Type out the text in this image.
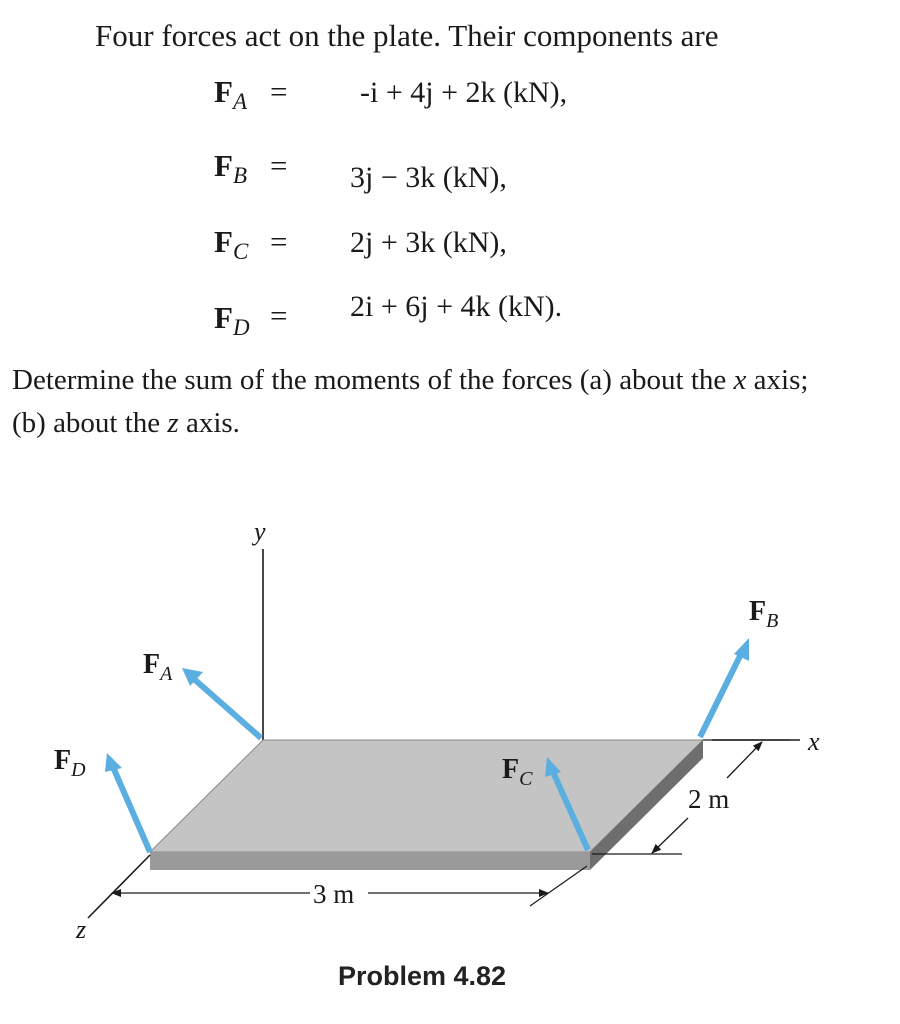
Four forces act on the plate. Their components are
$F_A = -i + 4j + 2k$ (kN),
$F_B = 3j - 3k$ (kN),
$F_C = 2j + 3k$ (kN),
$F_D = 2i + 6j + 4k$ (kN).
Determine the sum of the moments of the forces (a) about the x axis;
(b) about the z axis.
y
x
z
3 m
2 m
$F_A$
$F_B$
$F_C$
$F_D$
Problem 4.82
